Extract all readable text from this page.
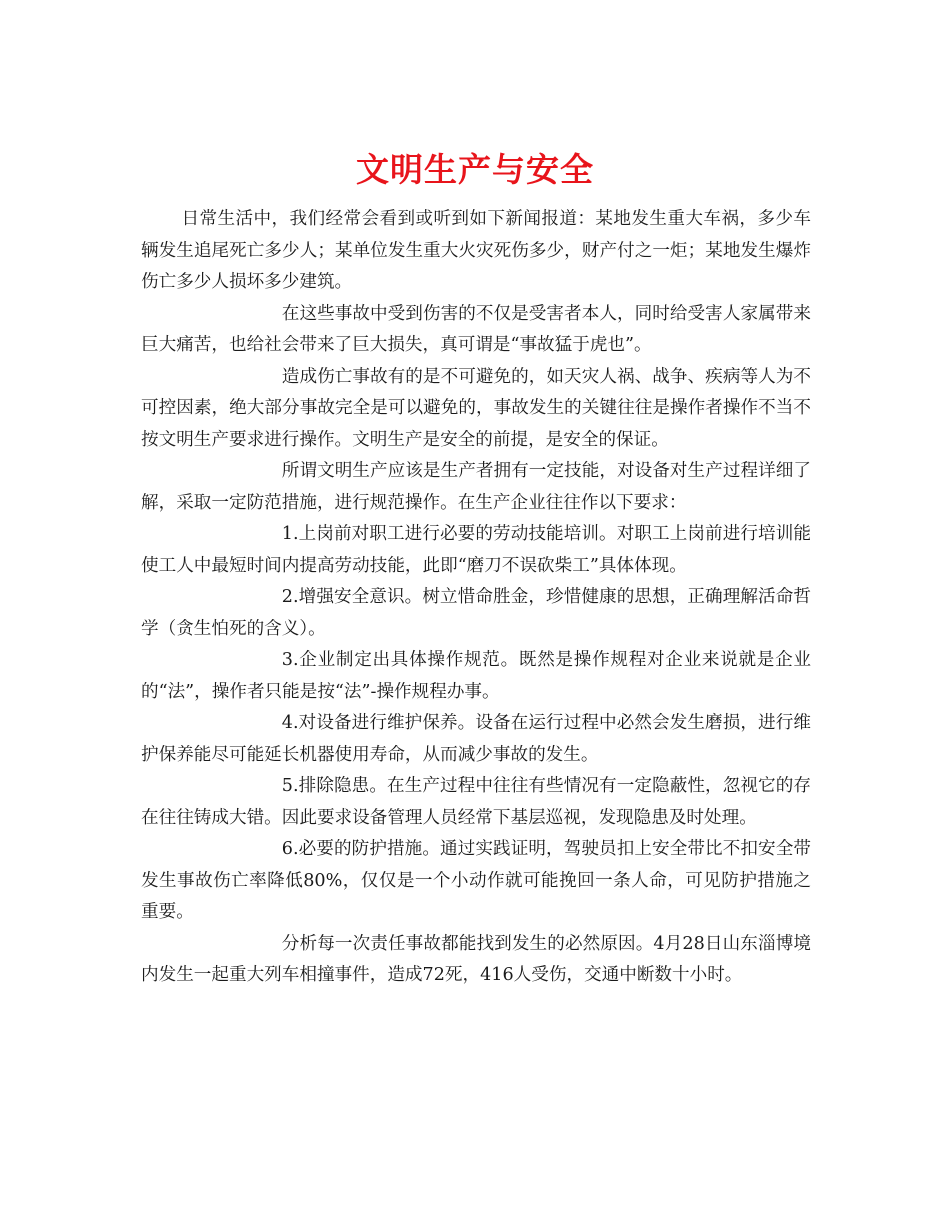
文明生产与安全

日常生活中，我们经常会看到或听到如下新闻报道：某地发生重大车祸，多少车辆发生追尾死亡多少人；某单位发生重大火灾死伤多少，财产付之一炬；某地发生爆炸伤亡多少人损坏多少建筑。

在这些事故中受到伤害的不仅是受害者本人，同时给受害人家属带来巨大痛苦，也给社会带来了巨大损失，真可谓是“事故猛于虎也”。

造成伤亡事故有的是不可避免的，如天灾人祸、战争、疾病等人为不可控因素，绝大部分事故完全是可以避免的，事故发生的关键往往是操作者操作不当不按文明生产要求进行操作。文明生产是安全的前提，是安全的保证。

所谓文明生产应该是生产者拥有一定技能，对设备对生产过程详细了解，采取一定防范措施，进行规范操作。在生产企业往往作以下要求：

1.上岗前对职工进行必要的劳动技能培训。对职工上岗前进行培训能使工人中最短时间内提高劳动技能，此即“磨刀不误砍柴工”具体体现。

2.增强安全意识。树立惜命胜金，珍惜健康的思想，正确理解活命哲学（贪生怕死的含义）。

3.企业制定出具体操作规范。既然是操作规程对企业来说就是企业的“法”，操作者只能是按“法”-操作规程办事。

4.对设备进行维护保养。设备在运行过程中必然会发生磨损，进行维护保养能尽可能延长机器使用寿命，从而减少事故的发生。

5.排除隐患。在生产过程中往往有些情况有一定隐蔽性，忽视它的存在往往铸成大错。因此要求设备管理人员经常下基层巡视，发现隐患及时处理。

6.必要的防护措施。通过实践证明，驾驶员扣上安全带比不扣安全带发生事故伤亡率降低80%，仅仅是一个小动作就可能挽回一条人命，可见防护措施之重要。

分析每一次责任事故都能找到发生的必然原因。4月28日山东淄博境内发生一起重大列车相撞事件，造成72死，416人受伤，交通中断数十小时。
